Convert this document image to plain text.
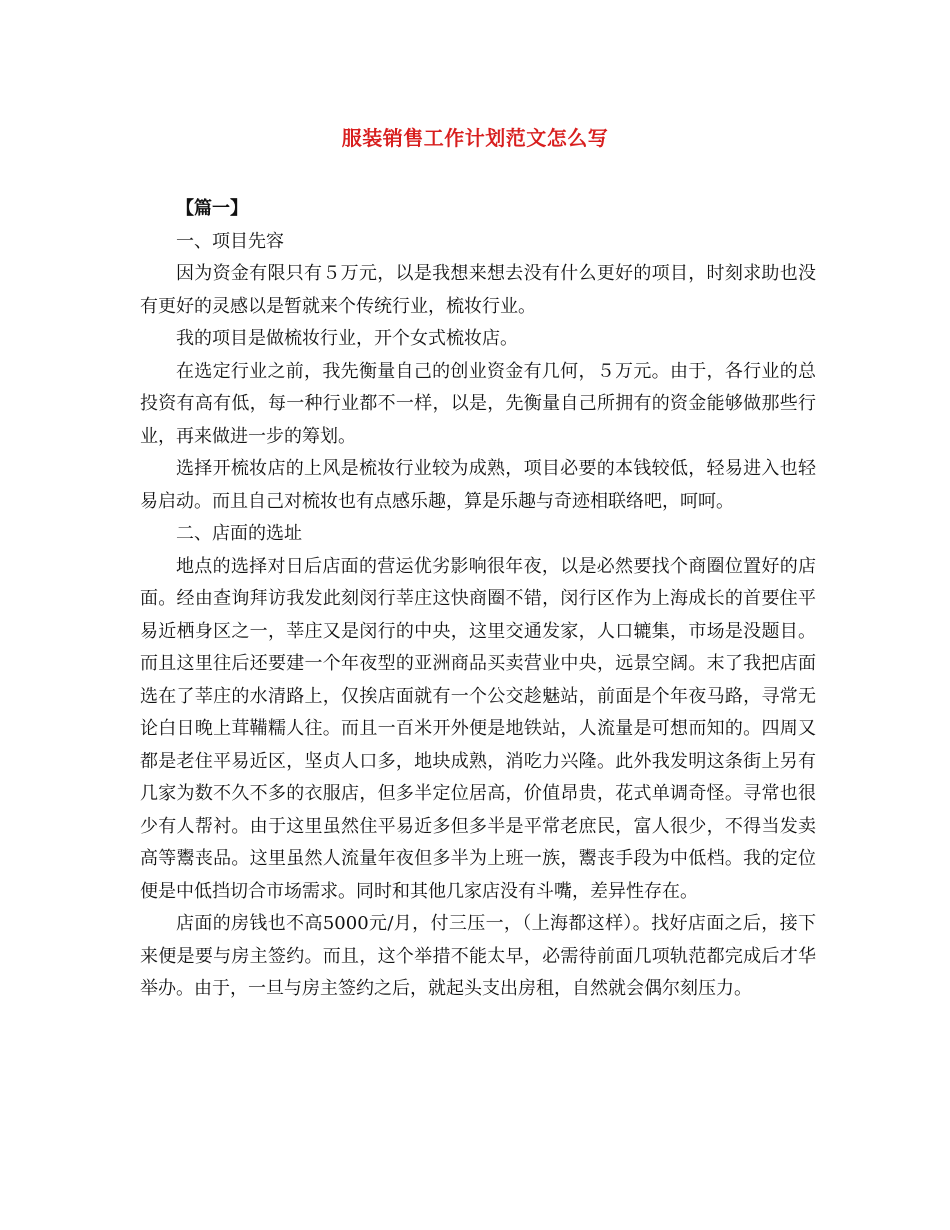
服装销售工作计划范文怎么写

【篇一】

一、项目先容

因为资金有限只有５万元，以是我想来想去没有什么更好的项目，时刻求助也没有更好的灵感以是暂就来个传统行业，梳妆行业。

我的项目是做梳妆行业，开个女式梳妆店。

在选定行业之前，我先衡量自己的创业资金有几何，５万元。由于，各行业的总投资有高有低，每一种行业都不一样，以是，先衡量自己所拥有的资金能够做那些行业，再来做进一步的筹划。

选择开梳妆店的上风是梳妆行业较为成熟，项目必要的本钱较低，轻易进入也轻易启动。而且自己对梳妆也有点感乐趣，算是乐趣与奇迹相联络吧，呵呵。

二、店面的选址

地点的选择对日后店面的营运优劣影响很年夜，以是必然要找个商圈位置好的店面。经由查询拜访我发此刻闵行莘庄这快商圈不错，闵行区作为上海成长的首要住平易近栖身区之一，莘庄又是闵行的中央，这里交通发家，人口辘集，市场是没题目。而且这里往后还要建一个年夜型的亚洲商品买卖营业中央，远景空阔。末了我把店面选在了莘庄的水清路上，仅挨店面就有一个公交趁魅站，前面是个年夜马路，寻常无论白日晚上茸鞴糯人往。而且一百米开外便是地铁站，人流量是可想而知的。四周又都是老住平易近区，坚贞人口多，地块成熟，消吃力兴隆。此外我发明这条街上另有几家为数不久不多的衣服店，但多半定位居高，价值昂贵，花式单调奇怪。寻常也很少有人帮衬。由于这里虽然住平易近多但多半是平常老庶民，富人很少，不得当发卖高等鬻丧品。这里虽然人流量年夜但多半为上班一族，鬻丧手段为中低档。我的定位便是中低挡切合市场需求。同时和其他几家店没有斗嘴，差异性存在。

店面的房钱也不高5000元/月，付三压一，（上海都这样）。找好店面之后，接下来便是要与房主签约。而且，这个举措不能太早，必需待前面几项轨范都完成后才华举办。由于，一旦与房主签约之后，就起头支出房租，自然就会偶尔刻压力。
